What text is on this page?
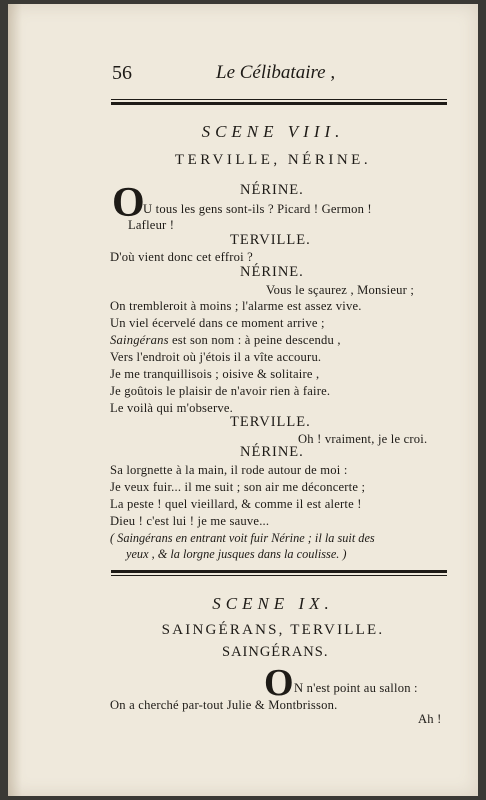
56	Le Célibataire ,
SCENE VIII.
TERVILLE, NÉRINE.
NÉRINE.
O
U tous les gens sont-ils ? Picard ! Germon !
Lafleur !
TERVILLE.
D'où vient donc cet effroi ?
NÉRINE.
Vous le sçaurez , Monsieur ;
On trembleroit à moins ; l'alarme est assez vive.
Un viel écervelé dans ce moment arrive ;
Saingérans est son nom : à peine descendu ,
Vers l'endroit où j'étois il a vîte accouru.
Je me tranquillisois ; oisive & solitaire ,
Je goûtois le plaisir de n'avoir rien à faire.
Le voilà qui m'observe.
TERVILLE.
Oh ! vraiment, je le croi.
NÉRINE.
Sa lorgnette à la main, il rode autour de moi :
Je veux fuir... il me suit ; son air me déconcerte ;
La peste ! quel vieillard, & comme il est alerte !
Dieu ! c'est lui ! je me sauve...
( Saingérans en entrant voit fuir Nérine ; il la suit des
yeux , & la lorgne jusques dans la coulisse. )
SCENE IX.
SAINGÉRANS, TERVILLE.
SAINGÉRANS.
O N n'est point au sallon :
On a cherché par-tout Julie & Montbrisson.
Ah !
